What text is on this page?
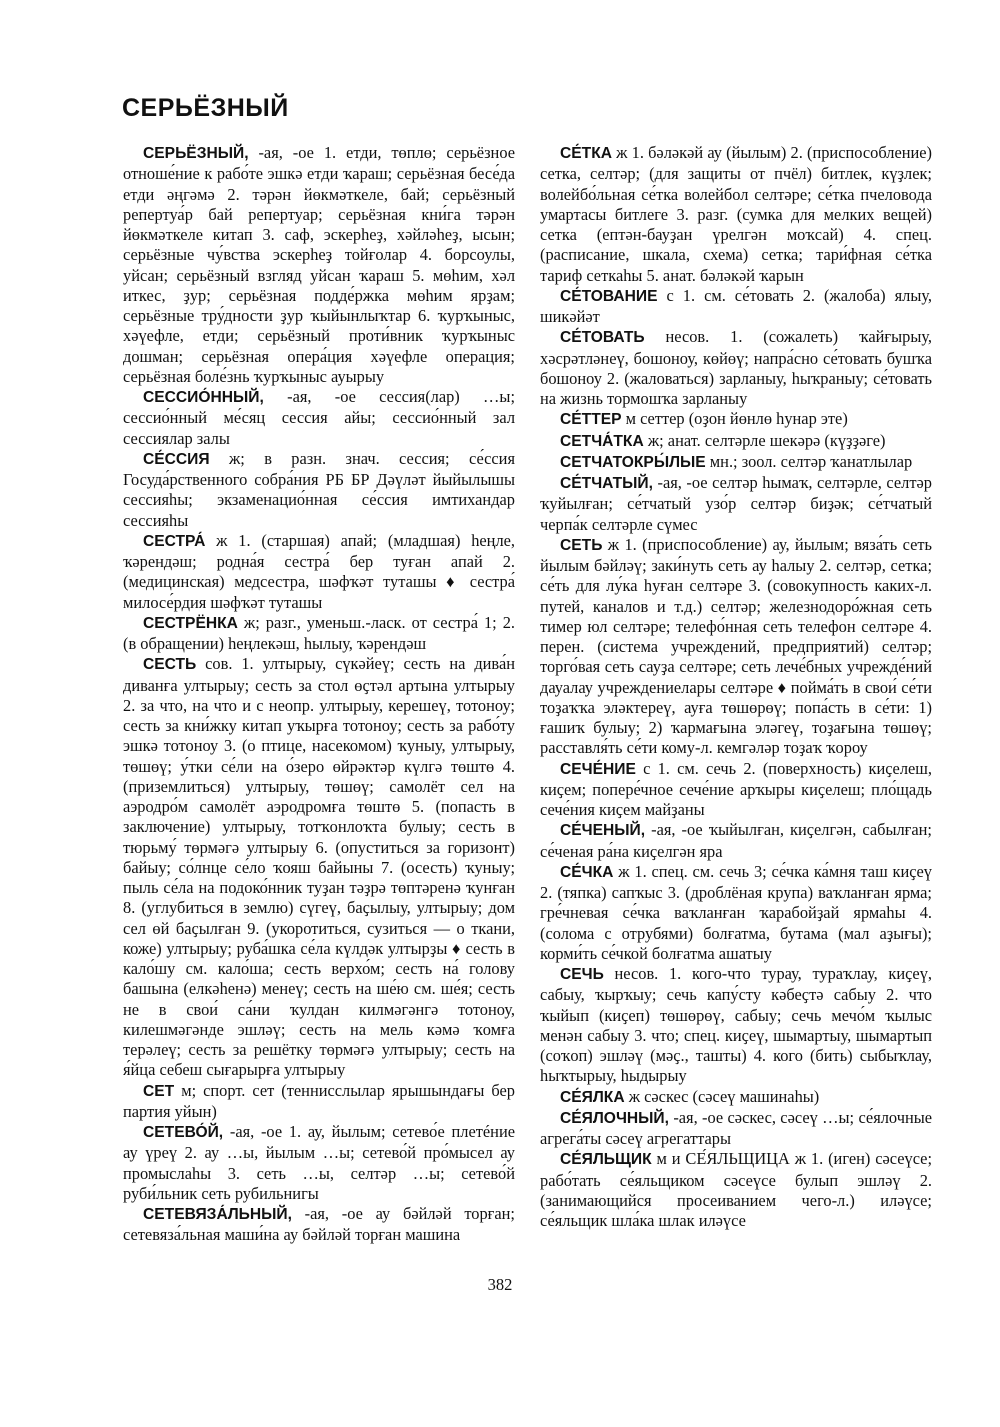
СЕРЬЁЗНЫЙ

СЕРЬЁЗНЫЙ, -ая, -ое 1. етди, төплө; серьёзное отноше́ние к рабо́те эшкә етди ҡараш; серьёзная бесе́да етди әңгәмә 2. тәрән йөкмәткеле, бай; серьёзный репертуа́р бай репертуар; серьёзная кни́га тәрән йөкмәткеле китап 3. саф, эскерһеҙ, хәйләһеҙ, ысын; серьёзные чу́вства эскерһеҙ тойғолар 4. борсоулы, уйсан; серьёзный взгляд уйсан ҡараш 5. мөһим, хәл иткес, ҙур; серьёзная подде́ржка мөһим ярҙам; серьёзные тру́дности ҙур ҡыйынлыҡтар 6. ҡурҡыныс, хәүефле, етди; серьёзный проти́вник ҡурҡыныс дошман; серьёзная опера́ция хәүефле операция; серьёзная боле́знь ҡурҡыныс ауырыу

СЕССИО́ННЫЙ, -ая, -ое сессия(лар) …ы; сессио́нный ме́сяц сессия айы; сессио́нный зал сессиялар залы

СЕ́ССИЯ ж; в разн. знач. сессия; се́ссия Госуда́рственного собра́ния РБ БР Дәүләт йыйылышы сессияһы; экзаменацио́нная се́ссия имтихандар сессияһы

СЕСТРА́ ж 1. (старшая) апай; (младшая) һеңле, ҡәрендәш; родна́я сестра́ бер туған апай 2. (медицинская) медсестра, шәфҡәт туташы ♦ сестра́ милосе́рдия шәфҡәт туташы

СЕСТРЁНКА ж; разг., уменьш.-ласк. от сестра́ 1; 2. (в обращении) һеңлекәш, һылыу, ҡәрендәш

СЕСТЬ сов. 1. ултырыу, сүкәйеү; сесть на дива́н диванға ултырыу; сесть за стол өҫтәл артына ултырыу 2. за что, на что и с неопр. ултырыу, керешеү, тотоноу; сесть за кни́жку китап уҡырға тотоноу; сесть за рабо́ту эшкә тотоноу 3. (о птице, насекомом) ҡуныу, ултырыу, төшөү; у́тки се́ли на о́зеро өйрәктәр күлгә төштө 4. (приземлиться) ултырыу, төшөү; самолёт сел на аэродро́м самолёт аэродромға төштө 5. (попасть в заключение) ултырыу, тотҡонлоҡта булыу; сесть в тюрьму́ төрмәгә ултырыу 6. (опуститься за горизонт) байыу; со́лнце се́ло ҡояш байыны 7. (осесть) ҡуныу; пыль се́ла на подоко́нник туҙан тәҙрә төптәренә ҡунған 8. (углубиться в землю) сүгеү, баҫылыу, ултырыу; дом сел өй баҫылған 9. (укоротиться, сузиться — о ткани, коже) ултырыу; руба́шка се́ла күлдәк ултырҙы ♦ сесть в кало́шу см. кало́ша; сесть верхо́м; сесть на́ голову башына (елкәһенә) менеү; сесть на ше́ю см. ше́я; сесть не в свои́ са́ни ҡулдан килмәгәнгә тотоноу, килешмәгәнде эшләү; сесть на мель кәмә ҡомға терәлеү; сесть за решётку төрмәгә ултырыу; сесть на я́йца себеш сығарырға ултырыу

СЕТ м; спорт. сет (теннисслылар ярышындағы бер партия уйын)

СЕТЕВО́Й, -ая, -ое 1. ау, йылым; сетево́е плетéние ау үреү 2. ау …ы, йылым …ы; сетево́й про́мысел ау промыслаһы 3. сеть …ы, селтәр …ы; сетево́й руби́льник сеть рубильнигы

СЕТЕВЯЗА́ЛЬНЫЙ, -ая, -ое ау бәйләй торған; сетевяза́льная маши́на ау бәйләй торған машина

СЕ́ТКА ж 1. бәләкәй ау (йылым) 2. (приспособление) сетка, селтәр; (для защиты от пчёл) битлек, күҙлек; волейбо́льная се́тка волейбол селтәре; се́тка пчеловода умартасы битлеге 3. разг. (сумка для мелких вещей) сетка (ептән-бауҙан үрелгән моҡсай) 4. спец. (расписание, шкала, схема) сетка; тари́фная се́тка тариф сеткаһы 5. анат. бәләкәй ҡарын

СЕ́ТОВАНИЕ с 1. см. се́товать 2. (жалоба) ялыу, шикәйәт

СЕ́ТОВАТЬ несов. 1. (сожалеть) ҡайғырыу, хәсрәтләнеү, бошоноу, көйөү; напра́сно се́товать бушҡа бошоноу 2. (жаловаться) зарланыу, һыҡраныу; се́товать на жизнь тормошҡа зарланыу

СЕ́ТТЕР м сеттер (оҙон йөнлө һунар эте)

СЕТЧА́ТКА ж; анат. селтәрле шекәрә (күҙҙәге)

СЕТЧАТОКРЫ́ЛЫЕ мн.; зоол. селтәр ҡанатлылар

СЕ́ТЧАТЫЙ, -ая, -ое селтәр һымаҡ, селтәрле, селтәр ҡуйылған; се́тчатый узо́р селтәр биҙәк; се́тчатый черпа́к селтәрле сүмес

СЕТЬ ж 1. (приспособление) ау, йылым; вяза́ть сеть йылым бәйләү; заки́нуть сеть ау һалыу 2. селтәр, сетка; се́ть для лу́ка һуған селтәре 3. (совокупность каких-л. путей, каналов и т.д.) селтәр; железнодоро́жная сеть тимер юл селтәре; телефо́нная сеть телефон селтәре 4. перен. (система учреждений, предприятий) селтәр; торго́вая сеть сауҙа селтәре; сеть лече́бных учрежде́ний дауалау учреждениелары селтәре ♦ пойма́ть в свои́ се́ти тоҙаҡҡа эләктереү, ауға төшөрөү; попа́сть в се́ти: 1) ғашиҡ булыу; 2) ҡармағына эләгеү, тоҙағына төшөү; расставля́ть се́ти кому-л. кемгәләр тоҙаҡ ҡороу

СЕЧЕ́НИЕ с 1. см. сечь 2. (поверхность) киҫелеш, киҫем; попере́чное сече́ние арҡыры киҫелеш; пло́щадь сече́ния киҫем майҙаны

СЕ́ЧЕНЫЙ, -ая, -ое ҡыйылған, киҫелгән, сабылған; се́ченая ра́на киҫелгән яра

СЕ́ЧКА ж 1. спец. см. сечь 3; се́чка ка́мня таш киҫеү 2. (тяпка) сапҡыс 3. (дроблёная крупа) ваҡланған ярма; гре́чневая се́чка ваҡланған ҡарабойҙай ярмаһы 4. (солома с отрубями) болғатма, бутама (мал аҙығы); корми́ть се́чкой болғатма ашатыу

СЕЧЬ несов. 1. кого-что турау, тураҡлау, киҫеү, сабыу, ҡырҡыу; сечь капу́сту кәбеҫтә сабыу 2. что ҡыйып (киҫеп) төшөрөү, сабыу; сечь мечо́м ҡылыс менән сабыу 3. что; спец. киҫеү, шымартыу, шымартып (соҡоп) эшләү (мәҫ., ташты) 4. кого (бить) сыбыҡлау, һыҡтырыу, һыдырыу

СЕ́ЯЛКА ж сәскес (сәсеү машинаһы)

СЕ́ЯЛОЧНЫЙ, -ая, -ое сәскес, сәсеү …ы; се́ялочные агрега́ты сәсеү агрегаттары

СЕ́ЯЛЬЩИК м и СЕ́ЯЛЬЩИЦА ж 1. (иген) сәсеүсе; рабо́тать се́яльщиком сәсеүсе булып эшләү 2. (занимающийся просеиванием чего-л.) иләүсе; се́яльщик шла́ка шлак иләүсе

382
